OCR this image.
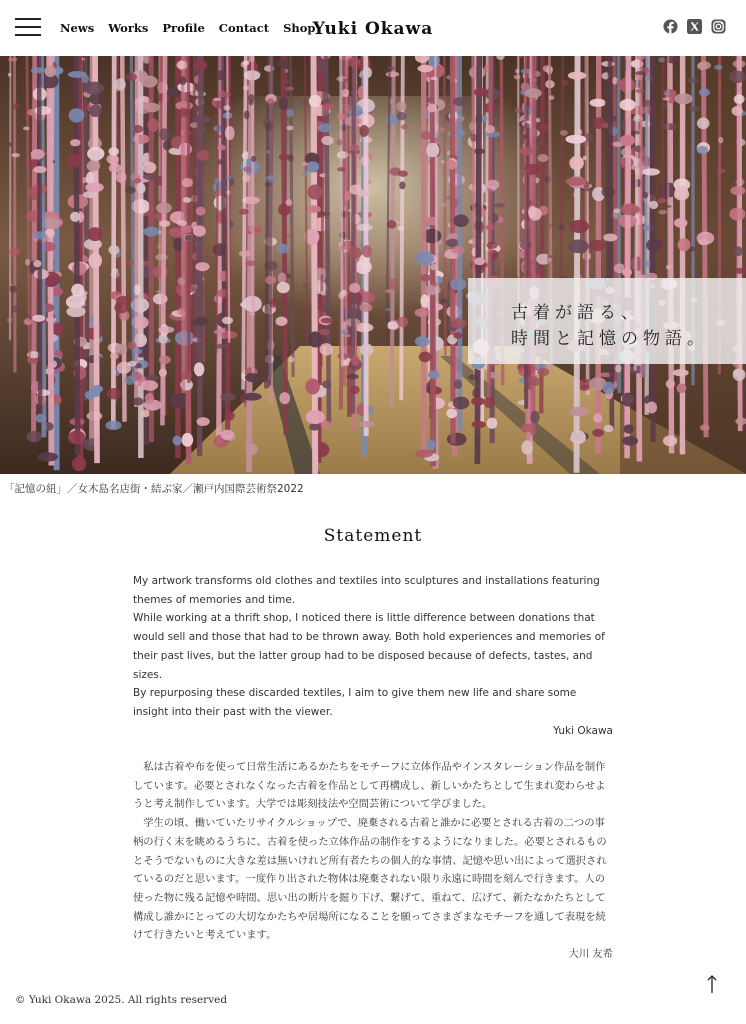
News Works Profile Contact Shop
Yuki Okawa
古着が語る、
時間と記憶の物語。
「記憶の紐」／女木島名店街・結ぶ家／瀬戸内国際芸術祭2022
Statement

My artwork transforms old clothes and textiles into sculptures and installations featuring themes of memories and time.

While working at a thrift shop, I noticed there is little difference between donations that would sell and those that had to be thrown away. Both hold experiences and memories of their past lives, but the latter group had to be disposed because of defects, tastes, and sizes.

By repurposing these discarded textiles, I aim to give them new life and share some insight into their past with the viewer.

Yuki Okawa

私は古着や布を使って日常生活にあるかたちをモチーフに立体作品やインスタレーション作品を制作しています。必要とされなくなった古着を作品として再構成し、新しいかたちとして生まれ変わらせようと考え制作しています。大学では彫刻技法や空間芸術について学びました。

学生の頃、働いていたリサイクルショップで、廃棄される古着と誰かに必要とされる古着の二つの事柄の行く末を眺めるうちに、古着を使った立体作品の制作をするようになりました。必要とされるものとそうでないものに大きな差は無いけれど所有者たちの個人的な事情、記憶や思い出によって選択されているのだと思います。一度作り出された物体は廃棄されない限り永遠に時間を刻んで行きます。人の使った物に残る記憶や時間、思い出の断片を掘り下げ、繋げて、重ねて、広げて、新たなかたちとして構成し誰かにとっての大切なかたちや居場所になることを願ってさまざまなモチーフを通して表現を続けて行きたいと考えています。

大川 友希

© Yuki Okawa 2025. All rights reserved
